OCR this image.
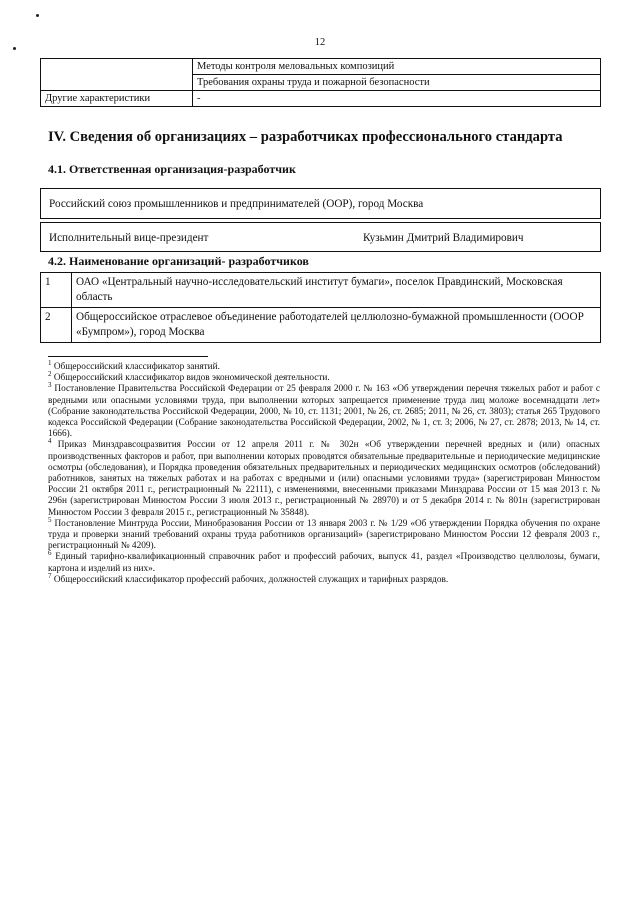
12
	Методы контроля меловальных композиций
	Требования охраны труда и пожарной безопасности
Другие характеристики	-
IV. Сведения об организациях – разработчиках профессионального стандарта
4.1. Ответственная организация-разработчик
Российский союз промышленников и предпринимателей (ООР), город Москва
Исполнительный вице-президент	Кузьмин Дмитрий Владимирович
4.2. Наименование организаций- разработчиков
1	ОАО «Центральный научно-исследовательский институт бумаги», поселок Правдинский, Московская область
2	Общероссийское отраслевое объединение работодателей целлюлозно-бумажной промышленности (ОООР «Бумпром»), город Москва

$^1$ Общероссийский классификатор занятий.

$^2$ Общероссийский классификатор видов экономической деятельности.

$^3$ Постановление Правительства Российской Федерации от 25 февраля 2000 г. № 163 «Об утверждении перечня тяжелых работ и работ с вредными или опасными условиями труда, при выполнении которых запрещается применение труда лиц моложе восемнадцати лет» (Собрание законодательства Российской Федерации, 2000, № 10, ст. 1131; 2001, № 26, ст. 2685; 2011, № 26, ст. 3803); статья 265 Трудового кодекса Российской Федерации (Собрание законодательства Российской Федерации, 2002, № 1, ст. 3; 2006, № 27, ст. 2878; 2013, № 14, ст. 1666).

$^4$ Приказ Минздравсоцразвития России от 12 апреля 2011 г. № 302н «Об утверждении перечней вредных и (или) опасных производственных факторов и работ, при выполнении которых проводятся обязательные предварительные и периодические медицинские осмотры (обследования), и Порядка проведения обязательных предварительных и периодических медицинских осмотров (обследований) работников, занятых на тяжелых работах и на работах с вредными и (или) опасными условиями труда» (зарегистрирован Минюстом России 21 октября 2011 г., регистрационный № 22111), с изменениями, внесенными приказами Минздрава России от 15 мая 2013 г. № 296н (зарегистрирован Минюстом России 3 июля 2013 г., регистрационный № 28970) и от 5 декабря 2014 г. № 801н (зарегистрирован Минюстом России 3 февраля 2015 г., регистрационный № 35848).

$^5$ Постановление Минтруда России, Минобразования России от 13 января 2003 г. № 1/29 «Об утверждении Порядка обучения по охране труда и проверки знаний требований охраны труда работников организаций» (зарегистрировано Минюстом России 12 февраля 2003 г., регистрационный № 4209).

$^6$ Единый тарифно-квалификационный справочник работ и профессий рабочих, выпуск 41, раздел «Производство целлюлозы, бумаги, картона и изделий из них».

$^7$ Общероссийский классификатор профессий рабочих, должностей служащих и тарифных разрядов.
